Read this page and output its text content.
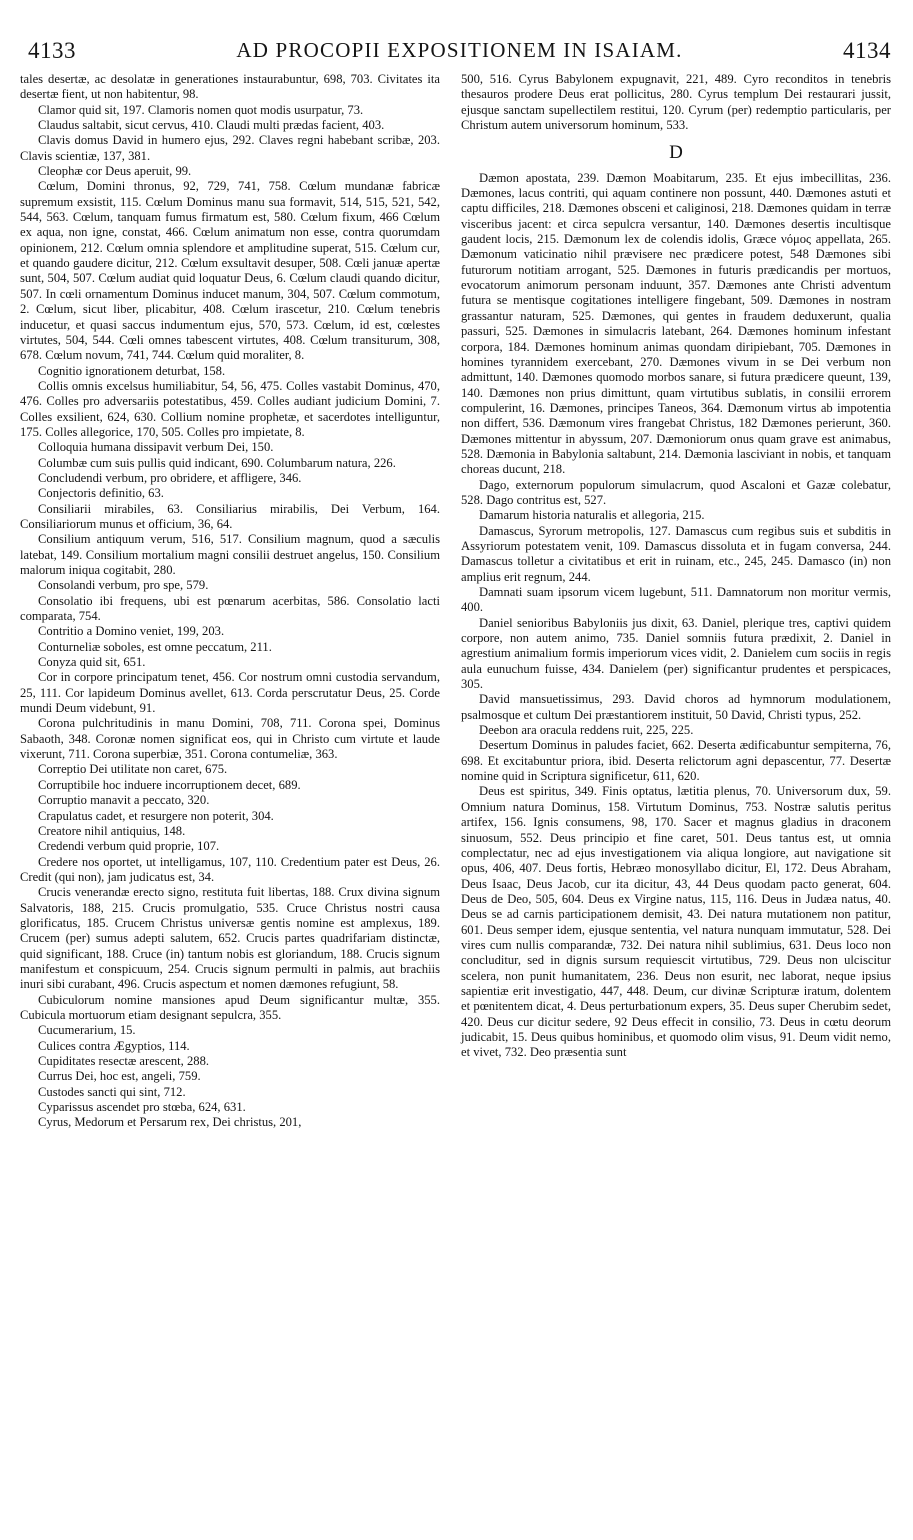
4133	AD PROCOPII EXPOSITIONEM IN ISAIAM.	4134

tales desertæ, ac desolatæ in generationes instaurabuntur, 698, 703. Civitates ita desertæ fient, ut non habitentur, 98.

Clamor quid sit, 197. Clamoris nomen quot modis usurpatur, 73.

Claudus saltabit, sicut cervus, 410. Claudi multi prædas facient, 403.

Clavis domus David in humero ejus, 292. Claves regni habebant scribæ, 203. Clavis scientiæ, 137, 381.

Cleophæ cor Deus aperuit, 99.

Cœlum, Domini thronus, 92, 729, 741, 758. Cœlum mundanæ fabricæ supremum exsistit, 115. Cœlum Dominus manu sua formavit, 514, 515, 521, 542, 544, 563. Cœlum, tanquam fumus firmatum est, 580. Cœlum fixum, 466 Cœlum ex aqua, non igne, constat, 466. Cœlum animatum non esse, contra quorumdam opinionem, 212. Cœlum omnia splendore et amplitudine superat, 515. Cœlum cur, et quando gaudere dicitur, 212. Cœlum exsultavit desuper, 508. Cœli januæ apertæ sunt, 504, 507. Cœlum audiat quid loquatur Deus, 6. Cœlum claudi quando dicitur, 507. In cœli ornamentum Dominus inducet manum, 304, 507. Cœlum commotum, 2. Cœlum, sicut liber, plicabitur, 408. Cœlum irascetur, 210. Cœlum tenebris inducetur, et quasi saccus indumentum ejus, 570, 573. Cœlum, id est, cœlestes virtutes, 504, 544. Cœli omnes tabescent virtutes, 408. Cœlum transiturum, 308, 678. Cœlum novum, 741, 744. Cœlum quid moraliter, 8.

Cognitio ignorationem deturbat, 158.

Collis omnis excelsus humiliabitur, 54, 56, 475. Colles vastabit Dominus, 470, 476. Colles pro adversariis potestatibus, 459. Colles audiant judicium Domini, 7. Colles exsilient, 624, 630. Collium nomine prophetæ, et sacerdotes intelliguntur, 175. Colles allegorice, 170, 505. Colles pro impietate, 8.

Colloquia humana dissipavit verbum Dei, 150.

Columbæ cum suis pullis quid indicant, 690. Columbarum natura, 226.

Concludendi verbum, pro obridere, et affligere, 346.

Conjectoris definitio, 63.

Consiliarii mirabiles, 63. Consiliarius mirabilis, Dei Verbum, 164. Consiliariorum munus et officium, 36, 64.

Consilium antiquum verum, 516, 517. Consilium magnum, quod a sæculis latebat, 149. Consilium mortalium magni consilii destruet angelus, 150. Consilium malorum iniqua cogitabit, 280.

Consolandi verbum, pro spe, 579.

Consolatio ibi frequens, ubi est pœnarum acerbitas, 586. Consolatio lacti comparata, 754.

Contritio a Domino veniet, 199, 203.

Conturneliæ soboles, est omne peccatum, 211.

Conyza quid sit, 651.

Cor in corpore principatum tenet, 456. Cor nostrum omni custodia servandum, 25, 111. Cor lapideum Dominus avellet, 613. Corda perscrutatur Deus, 25. Corde mundi Deum videbunt, 91.

Corona pulchritudinis in manu Domini, 708, 711. Corona spei, Dominus Sabaoth, 348. Coronæ nomen significat eos, qui in Christo cum virtute et laude vixerunt, 711. Corona superbiæ, 351. Corona contumeliæ, 363.

Correptio Dei utilitate non caret, 675.

Corruptibile hoc induere incorruptionem decet, 689.

Corruptio manavit a peccato, 320.

Crapulatus cadet, et resurgere non poterit, 304.

Creatore nihil antiquius, 148.

Credendi verbum quid proprie, 107.

Credere nos oportet, ut intelligamus, 107, 110. Credentium pater est Deus, 26. Credit (qui non), jam judicatus est, 34.

Crucis venerandæ erecto signo, restituta fuit libertas, 188. Crux divina signum Salvatoris, 188, 215. Crucis promulgatio, 535. Cruce Christus nostri causa glorificatus, 185. Crucem Christus universæ gentis nomine est amplexus, 189. Crucem (per) sumus adepti salutem, 652. Crucis partes quadrifariam distinctæ, quid significant, 188. Cruce (in) tantum nobis est gloriandum, 188. Crucis signum manifestum et conspicuum, 254. Crucis signum permulti in palmis, aut brachiis inuri sibi curabant, 496. Crucis aspectum et nomen dæmones refugiunt, 58.

Cubiculorum nomine mansiones apud Deum significantur multæ, 355. Cubicula mortuorum etiam designant sepulcra, 355.

Cucumerarium, 15.

Culices contra Ægyptios, 114.

Cupiditates resectæ arescent, 288.

Currus Dei, hoc est, angeli, 759.

Custodes sancti qui sint, 712.

Cyparissus ascendet pro stœba, 624, 631.

Cyrus, Medorum et Persarum rex, Dei christus, 201,

500, 516. Cyrus Babylonem expugnavit, 221, 489. Cyro reconditos in tenebris thesauros prodere Deus erat pollicitus, 280. Cyrus templum Dei restaurari jussit, ejusque sanctam supellectilem restitui, 120. Cyrum (per) redemptio particularis, per Christum autem universorum hominum, 533.

D

Dæmon apostata, 239. Dæmon Moabitarum, 235. Et ejus imbecillitas, 236. Dæmones, lacus contriti, qui aquam continere non possunt, 440. Dæmones astuti et captu difficiles, 218. Dæmones obsceni et caliginosi, 218. Dæmones quidam in terræ visceribus jacent: et circa sepulcra versantur, 140. Dæmones desertis incultisque gaudent locis, 215. Dæmonum lex de colendis idolis, Græce νόμος appellata, 265. Dæmonum vaticinatio nihil prævisere nec prædicere potest, 548 Dæmones sibi futurorum notitiam arrogant, 525. Dæmones in futuris prædicandis per mortuos, evocatorum animorum personam induunt, 357. Dæmones ante Christi adventum futura se mentisque cogitationes intelligere fingebant, 509. Dæmones in nostram grassantur naturam, 525. Dæmones, qui gentes in fraudem deduxerunt, qualia passuri, 525. Dæmones in simulacris latebant, 264. Dæmones hominum infestant corpora, 184. Dæmones hominum animas quondam diripiebant, 705. Dæmones in homines tyrannidem exercebant, 270. Dæmones vivum in se Dei verbum non admittunt, 140. Dæmones quomodo morbos sanare, si futura prædicere queunt, 139, 140. Dæmones non prius dimittunt, quam virtutibus sublatis, in consilii errorem compulerint, 16. Dæmones, principes Taneos, 364. Dæmonum virtus ab impotentia non differt, 536. Dæmonum vires frangebat Christus, 182 Dæmones perierunt, 360. Dæmones mittentur in abyssum, 207. Dæmoniorum onus quam grave est animabus, 528. Dæmonia in Babylonia saltabunt, 214. Dæmonia lasciviant in nobis, et tanquam choreas ducunt, 218.

Dago, externorum populorum simulacrum, quod Ascaloni et Gazæ colebatur, 528. Dago contritus est, 527.

Damarum historia naturalis et allegoria, 215.

Damascus, Syrorum metropolis, 127. Damascus cum regibus suis et subditis in Assyriorum potestatem venit, 109. Damascus dissoluta et in fugam conversa, 244. Damascus tolletur a civitatibus et erit in ruinam, etc., 245, 245. Damasco (in) non amplius erit regnum, 244.

Damnati suam ipsorum vicem lugebunt, 511. Damnatorum non moritur vermis, 400.

Daniel senioribus Babyloniis jus dixit, 63. Daniel, plerique tres, captivi quidem corpore, non autem animo, 735. Daniel somniis futura prædixit, 2. Daniel in agrestium animalium formis imperiorum vices vidit, 2. Danielem cum sociis in regis aula eunuchum fuisse, 434. Danielem (per) significantur prudentes et perspicaces, 305.

David mansuetissimus, 293. David choros ad hymnorum modulationem, psalmosque et cultum Dei præstantiorem instituit, 50 David, Christi typus, 252.

Deebon ara oracula reddens ruit, 225, 225.

Desertum Dominus in paludes faciet, 662. Deserta ædificabuntur sempiterna, 76, 698. Et excitabuntur priora, ibid. Deserta relictorum agni depascentur, 77. Desertæ nomine quid in Scriptura significetur, 611, 620.

Deus est spiritus, 349. Finis optatus, lætitia plenus, 70. Universorum dux, 59. Omnium natura Dominus, 158. Virtutum Dominus, 753. Nostræ salutis peritus artifex, 156. Ignis consumens, 98, 170. Sacer et magnus gladius in draconem sinuosum, 552. Deus principio et fine caret, 501. Deus tantus est, ut omnia complectatur, nec ad ejus investigationem via aliqua longiore, aut navigatione sit opus, 406, 407. Deus fortis, Hebræo monosyllabo dicitur, El, 172. Deus Abraham, Deus Isaac, Deus Jacob, cur ita dicitur, 43, 44 Deus quodam pacto generat, 604. Deus de Deo, 505, 604. Deus ex Virgine natus, 115, 116. Deus in Judæa natus, 40. Deus se ad carnis participationem demisit, 43. Dei natura mutationem non patitur, 601. Deus semper idem, ejusque sententia, vel natura nunquam immutatur, 528. Dei vires cum nullis comparandæ, 732. Dei natura nihil sublimius, 631. Deus loco non concluditur, sed in dignis sursum requiescit virtutibus, 729. Deus non ulciscitur scelera, non punit humanitatem, 236. Deus non esurit, nec laborat, neque ipsius sapientiæ erit investigatio, 447, 448. Deum, cur divinæ Scripturæ iratum, dolentem et pœnitentem dicat, 4. Deus perturbationum expers, 35. Deus super Cherubim sedet, 420. Deus cur dicitur sedere, 92 Deus effecit in consilio, 73. Deus in cœtu deorum judicabit, 15. Deus quibus hominibus, et quomodo olim visus, 91. Deum vidit nemo, et vivet, 732. Deo præsentia sunt
